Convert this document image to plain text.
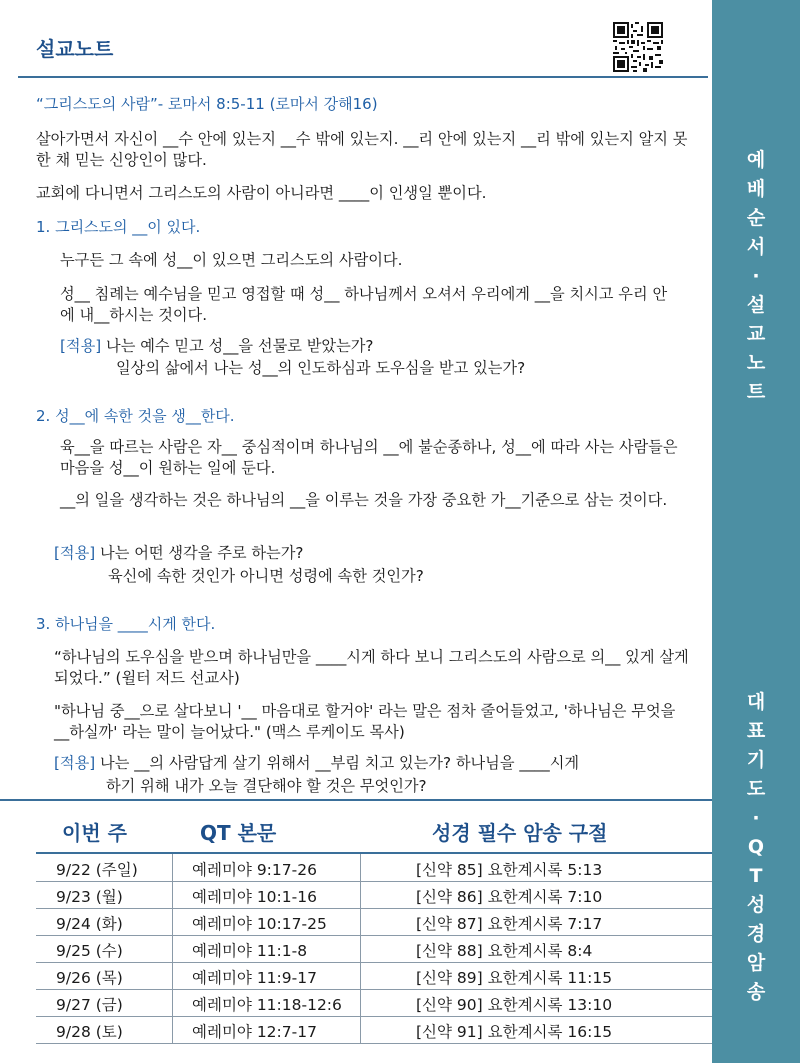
설교노트
“그리스도의 사람”- 로마서 8:5-11 (로마서 강해16)

살아가면서 자신이 __수 안에 있는지 __수 밖에 있는지. __리 안에 있는지 __리 밖에 있는지 알지 못한 채 믿는 신앙인이 많다.

교회에 다니면서 그리스도의 사람이 아니라면 ____이 인생일 뿐이다.

1. 그리스도의 __이 있다.

누구든 그 속에 성__이 있으면 그리스도의 사람이다.

성__ 침례는 예수님을 믿고 영접할 때 성__ 하나님께서 오셔서 우리에게 __을 치시고 우리 안에 내__하시는 것이다.

[적용] 나는 예수 믿고 성__을 선물로 받았는가?
일상의 삶에서 나는 성__의 인도하심과 도우심을 받고 있는가?
2. 성__에 속한 것을 생__한다.

육__을 따르는 사람은 자__ 중심적이며 하나님의 __에 불순종하나, 성__에 따라 사는 사람들은 마음을 성__이 원하는 일에 둔다.

__의 일을 생각하는 것은 하나님의 __을 이루는 것을 가장 중요한 가__기준으로 삼는 것이다.

[적용] 나는 어떤 생각을 주로 하는가?
육신에 속한 것인가 아니면 성령에 속한 것인가?
3. 하나님을 ____시게 한다.

“하나님의 도우심을 받으며 하나님만을 ____시게 하다 보니 그리스도의 사람으로 의__ 있게 살게 되었다.” (윌터 저드 선교사)

"하나님 중__으로 살다보니 '__ 마음대로 할거야' 라는 말은 점차 줄어들었고, '하나님은 무엇을 __하실까' 라는 말이 늘어났다." (맥스 루케이도 목사)

[적용] 나는 __의 사람답게 살기 위해서 __부림 치고 있는가? 하나님을 ____시게
하기 위해 내가 오늘 결단해야 할 것은 무엇인가?
이번 주	QT 본문	성경 필수 암송 구절
9/22 (주일)	예레미야 9:17-26	[신약 85] 요한계시록 5:13
9/23 (월)	예레미야 10:1-16	[신약 86] 요한계시록 7:10
9/24 (화)	예레미야 10:17-25	[신약 87] 요한계시록 7:17
9/25 (수)	예레미야 11:1-8	[신약 88] 요한계시록 8:4
9/26 (목)	예레미야 11:9-17	[신약 89] 요한계시록 11:15
9/27 (금)	예레미야 11:18-12:6	[신약 90] 요한계시록 13:10
9/28 (토)	예레미야 12:7-17	[신약 91] 요한계시록 16:15
예
배
순
서
·
설
교
노
트
대
표
기
도
·
Q
T
성
경
암
송
